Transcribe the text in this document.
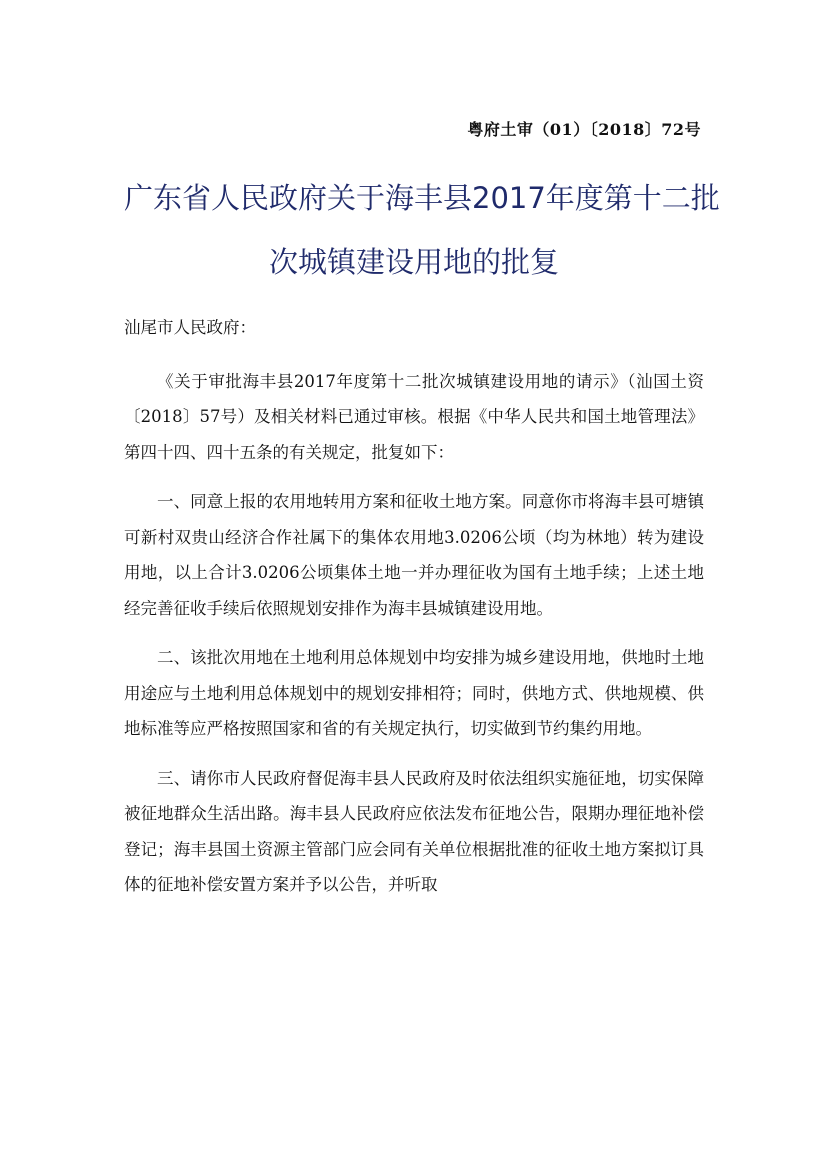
粤府土审（01）〔2018〕72号
广东省人民政府关于海丰县2017年度第十二批
次城镇建设用地的批复

汕尾市人民政府：

《关于审批海丰县2017年度第十二批次城镇建设用地的请示》（汕国土资〔2018〕57号）及相关材料已通过审核。根据《中华人民共和国土地管理法》第四十四、四十五条的有关规定，批复如下：

一、同意上报的农用地转用方案和征收土地方案。同意你市将海丰县可塘镇可新村双贵山经济合作社属下的集体农用地3.0206公顷（均为林地）转为建设用地，以上合计3.0206公顷集体土地一并办理征收为国有土地手续；上述土地经完善征收手续后依照规划安排作为海丰县城镇建设用地。

二、该批次用地在土地利用总体规划中均安排为城乡建设用地，供地时土地用途应与土地利用总体规划中的规划安排相符；同时，供地方式、供地规模、供地标准等应严格按照国家和省的有关规定执行，切实做到节约集约用地。

三、请你市人民政府督促海丰县人民政府及时依法组织实施征地，切实保障被征地群众生活出路。海丰县人民政府应依法发布征地公告，限期办理征地补偿登记；海丰县国土资源主管部门应会同有关单位根据批准的征收土地方案拟订具体的征地补偿安置方案并予以公告，并听取
